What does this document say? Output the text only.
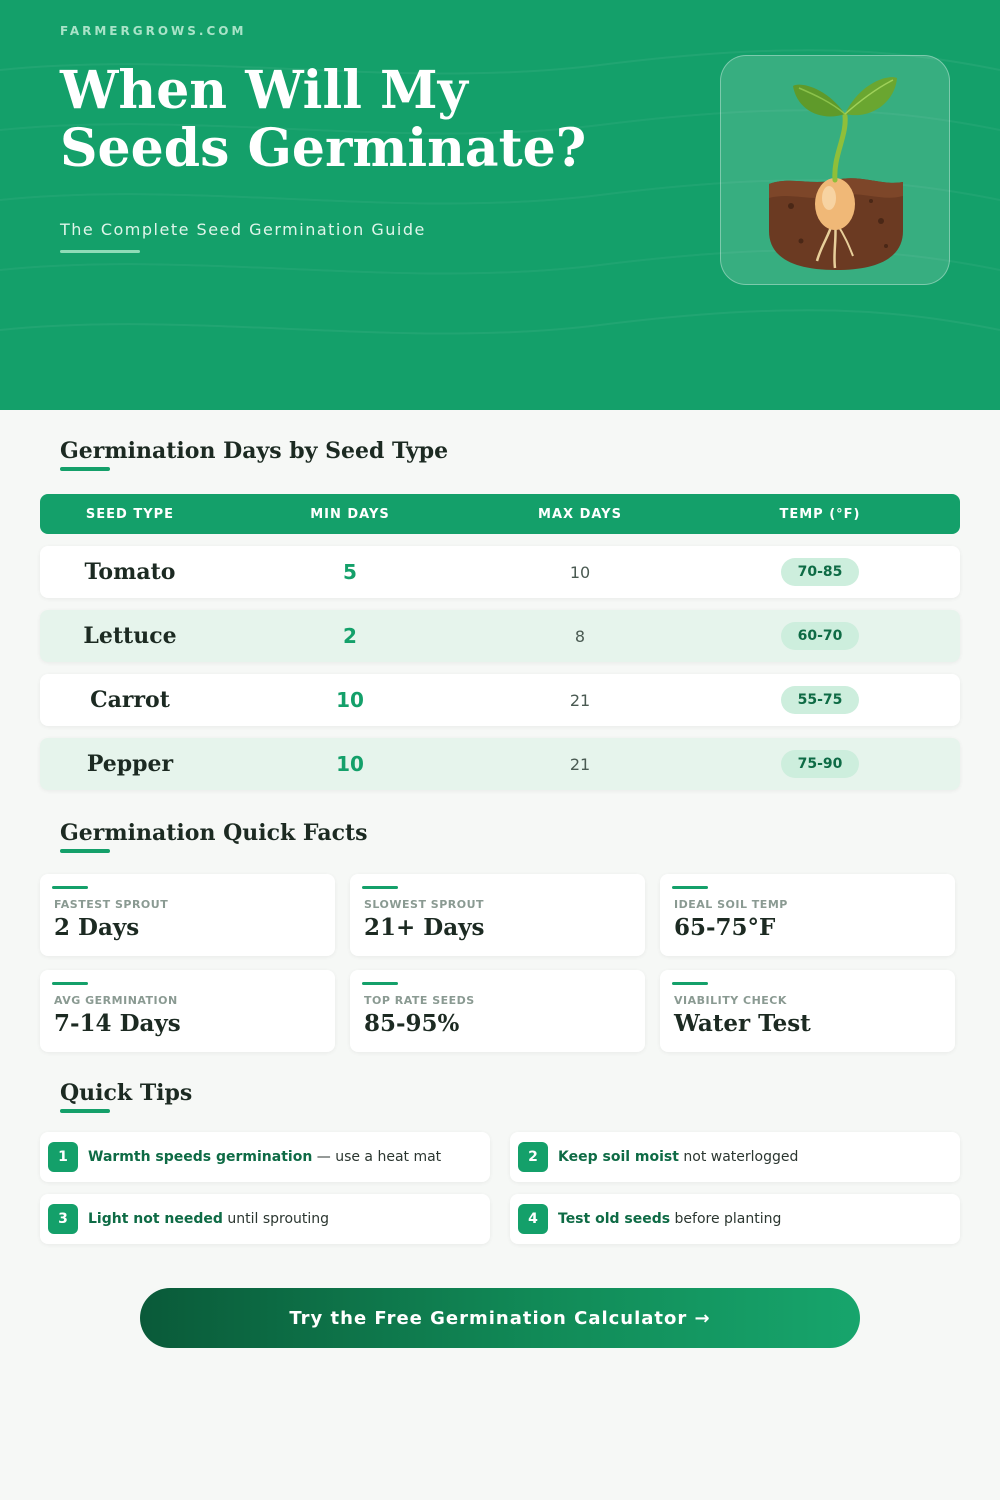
FARMERGROWS.COM
When Will My
Seeds Germinate?
The Complete Seed Germination Guide
Germination Days by Seed Type
SEED TYPE	MIN DAYS	MAX DAYS	TEMP (°F)
Tomato	5	10	70-85
Lettuce	2	8	60-70
Carrot	10	21	55-75
Pepper	10	21	75-90
Germination Quick Facts
FASTEST SPROUT
2 Days
SLOWEST SPROUT
21+ Days
IDEAL SOIL TEMP
65-75°F
AVG GERMINATION
7-14 Days
TOP RATE SEEDS
85-95%
VIABILITY CHECK
Water Test
Quick Tips
1	Warmth speeds germination — use a heat mat	2	Keep soil moist not waterlogged
3	Light not needed until sprouting	4	Test old seeds before planting
Try the Free Germination Calculator →
